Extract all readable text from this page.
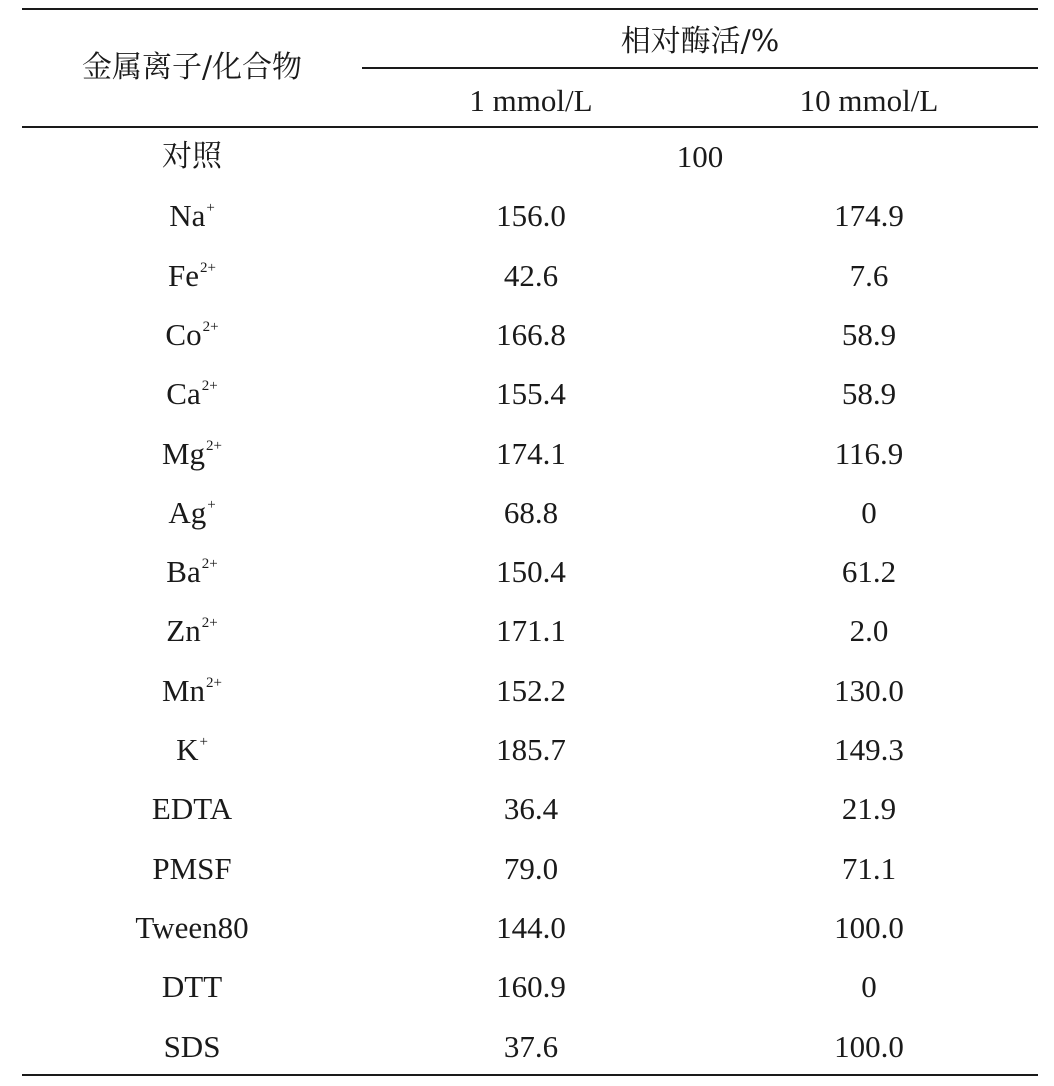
金属离子/化合物
相对酶活/%
1 mmol/L	10 mmol/L
对照	100
Na+	156.0	174.9
$Fe^{2+}$	42.6	7.6
$Co^{2+}$	166.8	58.9
$Ca^{2+}$	155.4	58.9
$Mg^{2+}$	174.1	116.9
Ag+	68.8	0
$Ba^{2+}$	150.4	61.2
$Zn^{2+}$	171.1	2.0
$Mn^{2+}$	152.2	130.0
K+	185.7	149.3
EDTA	36.4	21.9
PMSF	79.0	71.1
Tween80	144.0	100.0
DTT	160.9	0
SDS	37.6	100.0
